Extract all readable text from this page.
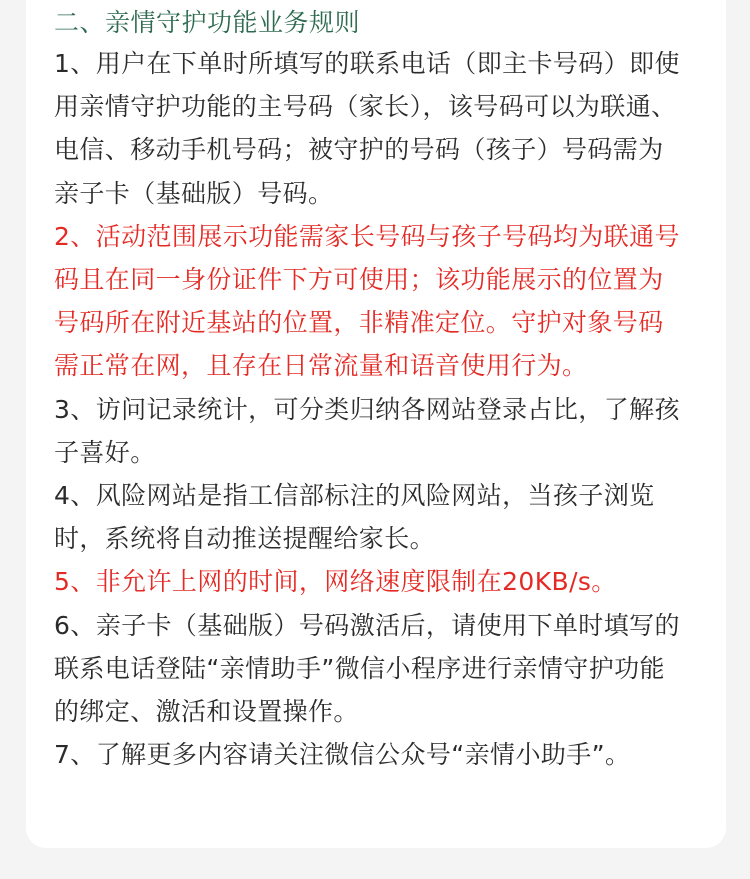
二、亲情守护功能业务规则
1、用户在下单时所填写的联系电话（即主卡号码）即使用亲情守护功能的主号码（家长），该号码可以为联通、电信、移动手机号码；被守护的号码（孩子）号码需为亲子卡（基础版）号码。
2、活动范围展示功能需家长号码与孩子号码均为联通号码且在同一身份证件下方可使用；该功能展示的位置为号码所在附近基站的位置，非精准定位。守护对象号码需正常在网，且存在日常流量和语音使用行为。
3、访问记录统计，可分类归纳各网站登录占比，了解孩子喜好。
4、风险网站是指工信部标注的风险网站，当孩子浏览时，系统将自动推送提醒给家长。
5、非允许上网的时间，网络速度限制在20KB/s。
6、亲子卡（基础版）号码激活后，请使用下单时填写的联系电话登陆“亲情助手”微信小程序进行亲情守护功能的绑定、激活和设置操作。
7、了解更多内容请关注微信公众号“亲情小助手”。
